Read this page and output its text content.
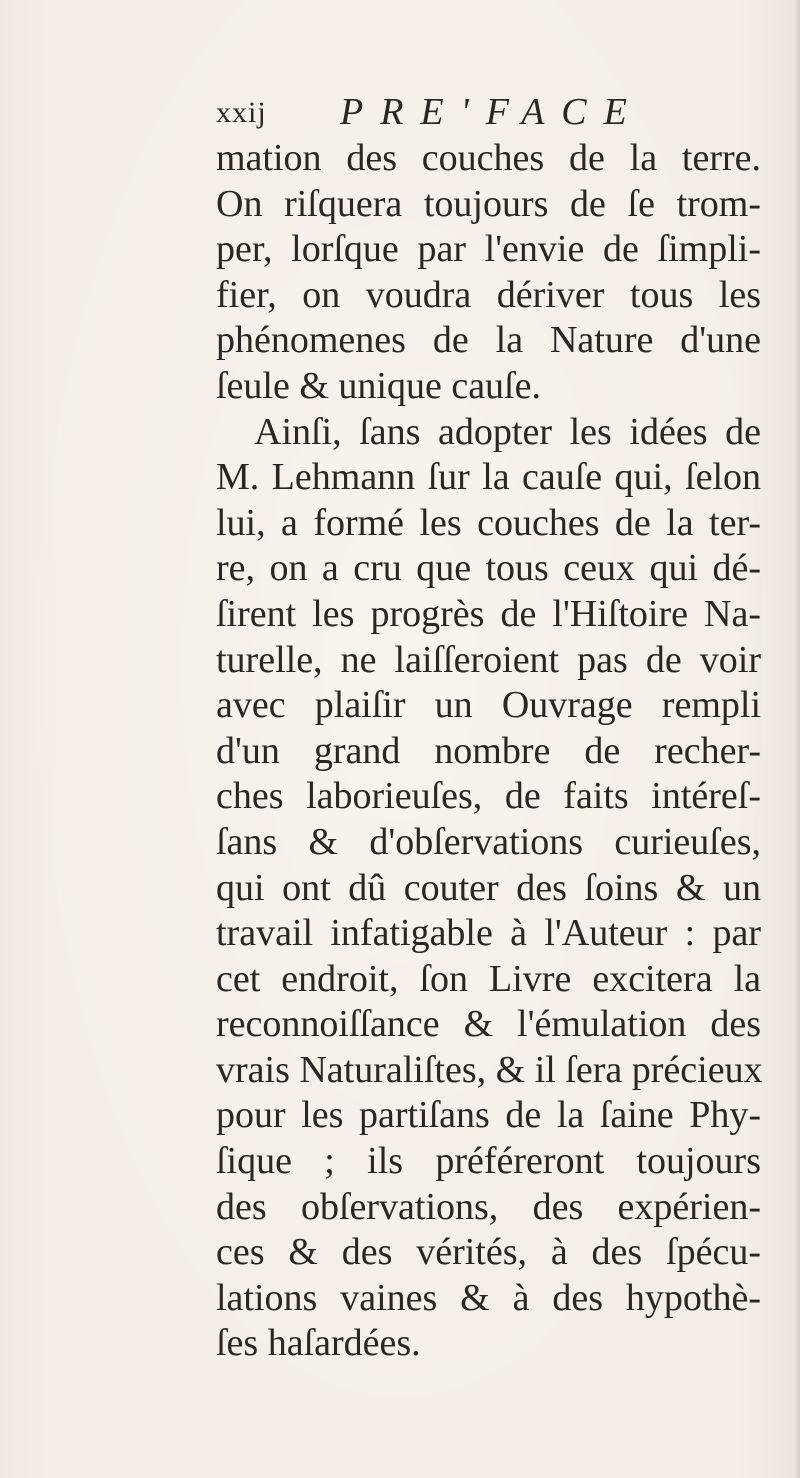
xxij PRE'FACE
mation des couches de la terre.
On riſquera toujours de ſe trom-
per, lorſque par l'envie de ſimpli-
fier, on voudra dériver tous les
phénomenes de la Nature d'une
ſeule & unique cauſe.
Ainſi, ſans adopter les idées de
M. Lehmann ſur la cauſe qui, ſelon
lui, a formé les couches de la ter-
re, on a cru que tous ceux qui dé-
ſirent les progrès de l'Hiſtoire Na-
turelle, ne laiſſeroient pas de voir
avec plaiſir un Ouvrage rempli
d'un grand nombre de recher-
ches laborieuſes, de faits intéreſ-
ſans & d'obſervations curieuſes,
qui ont dû couter des ſoins & un
travail infatigable à l'Auteur : par
cet endroit, ſon Livre excitera la
reconnoiſſance & l'émulation des
vrais Naturaliſtes, & il ſera précieux
pour les partiſans de la ſaine Phy-
ſique ; ils préféreront toujours
des obſervations, des expérien-
ces & des vérités, à des ſpécu-
lations vaines & à des hypothè-
ſes haſardées.
